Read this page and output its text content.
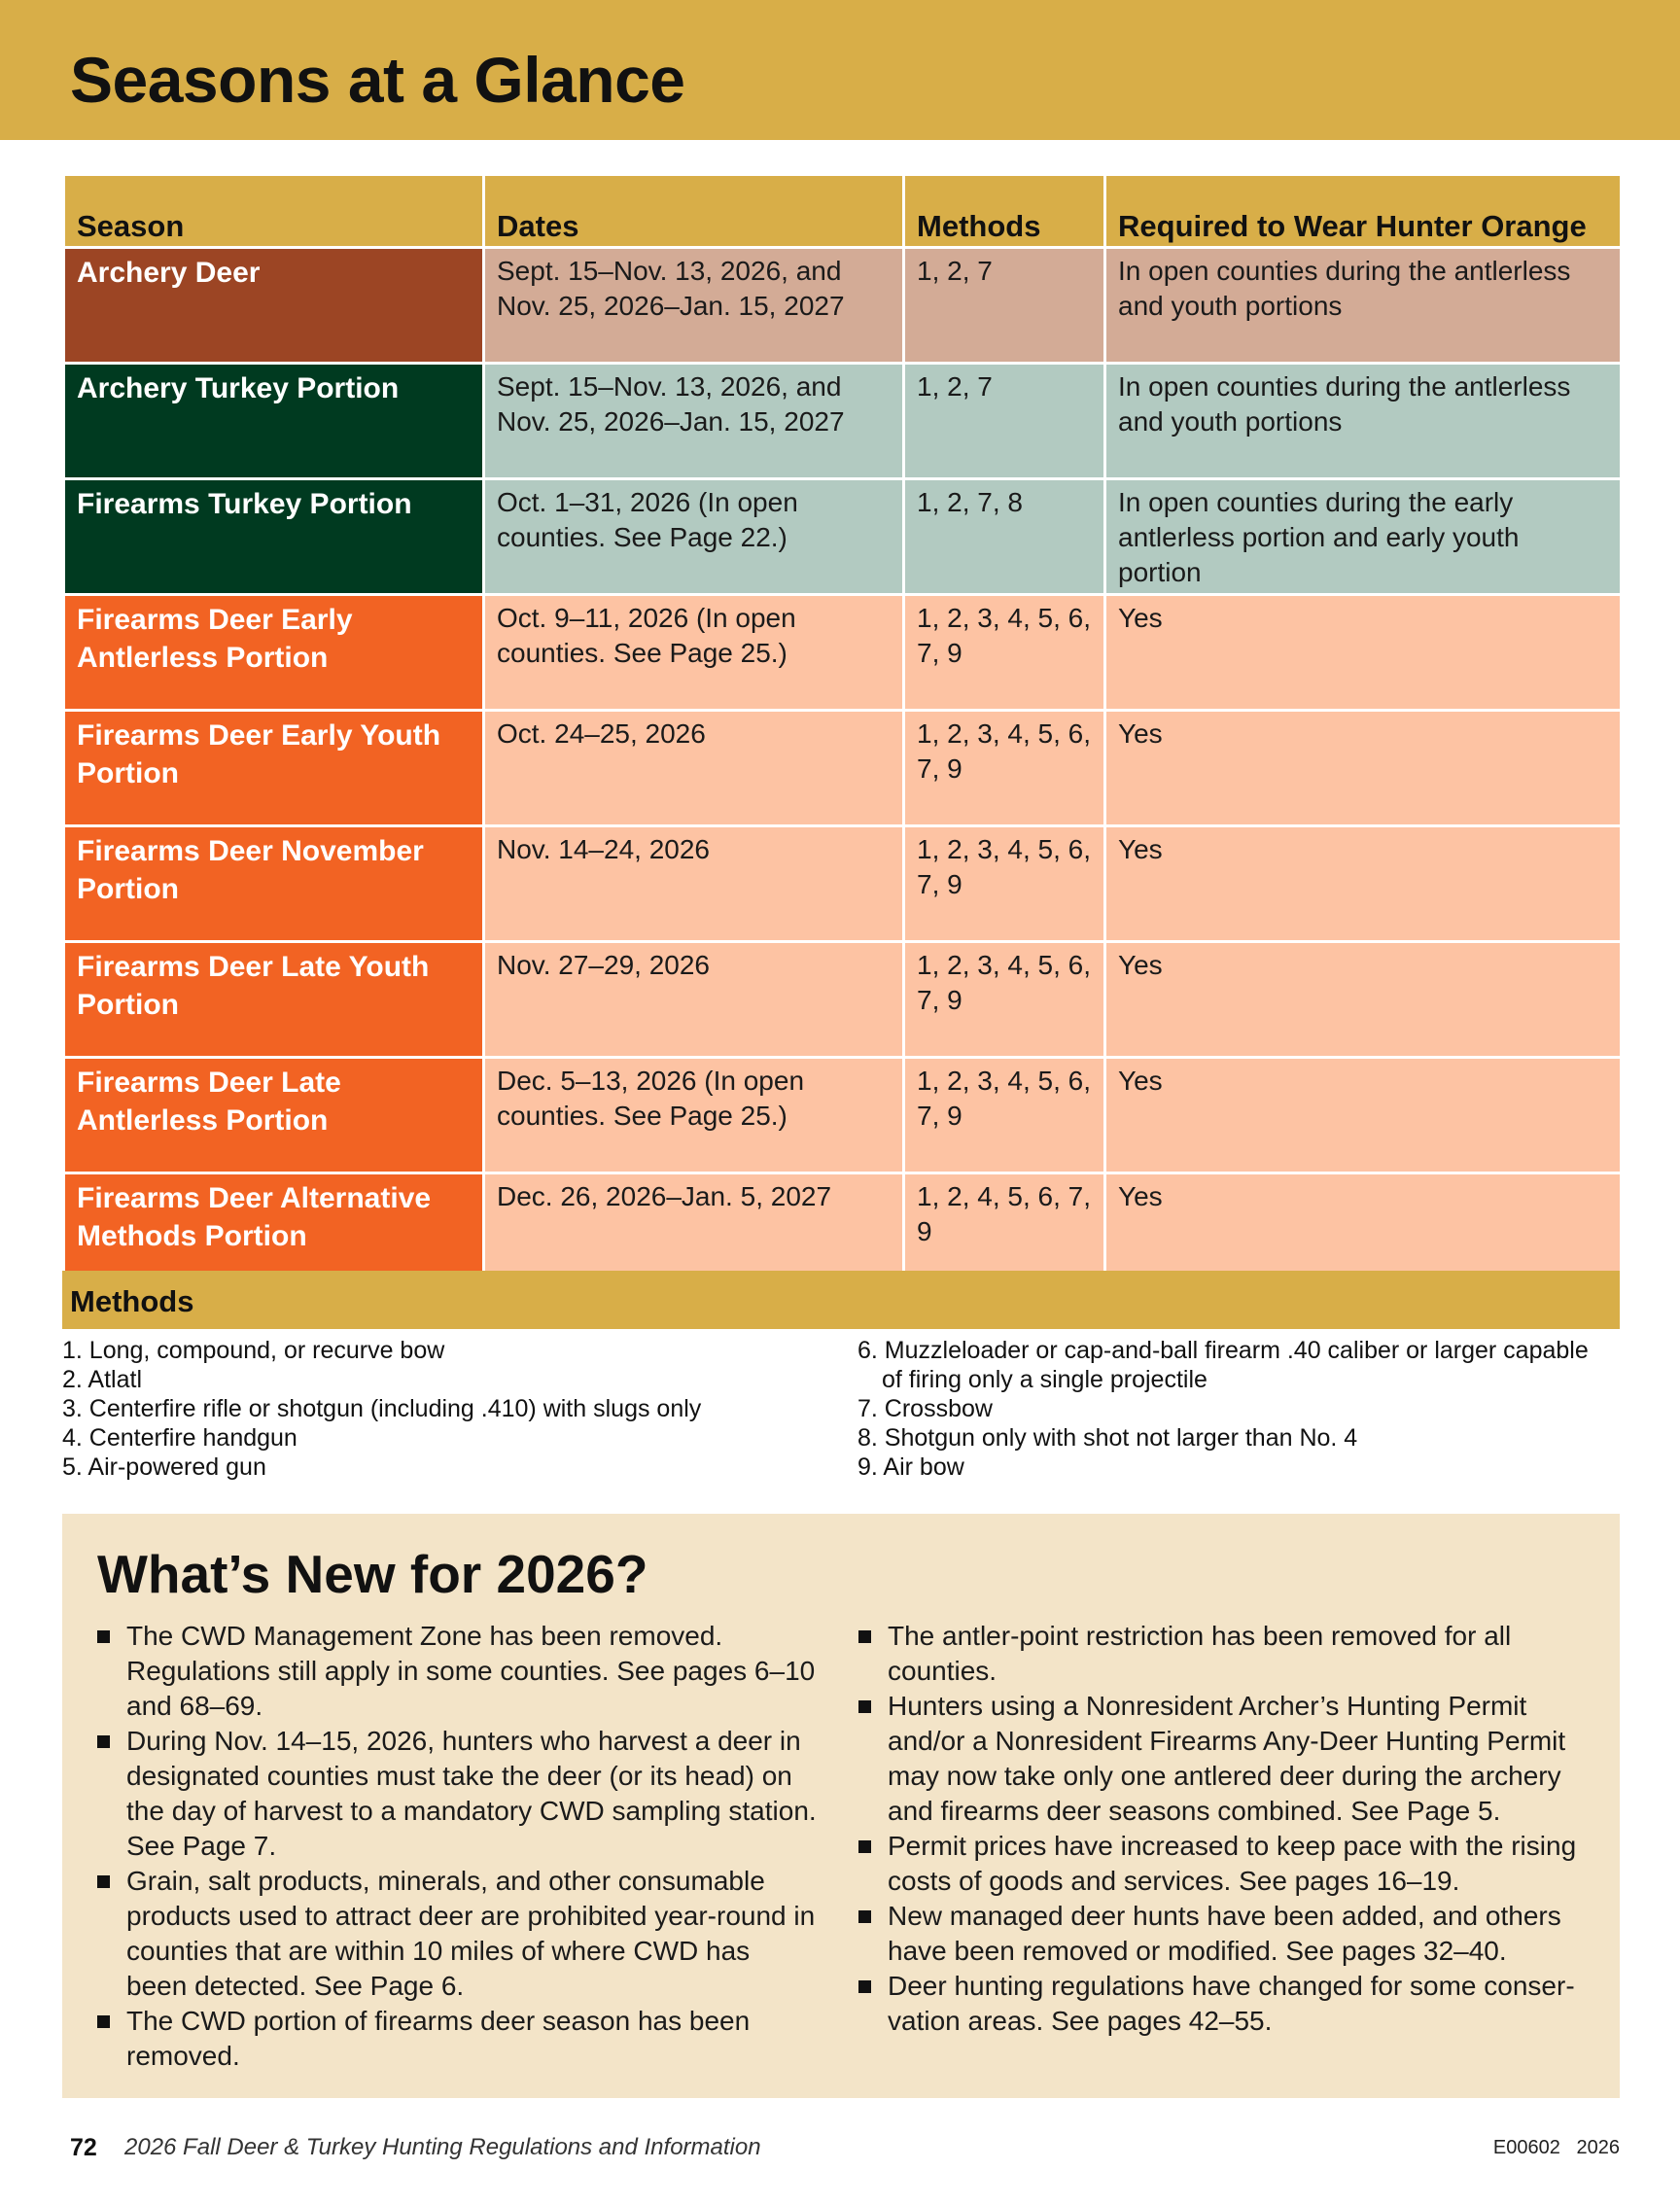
Seasons at a Glance
Season	Dates	Methods	Required to Wear Hunter Orange
Archery Deer	Sept. 15–Nov. 13, 2026, and Nov. 25, 2026–Jan. 15, 2027	1, 2, 7	In open counties during the antlerless and youth portions
Archery Turkey Portion	Sept. 15–Nov. 13, 2026, and Nov. 25, 2026–Jan. 15, 2027	1, 2, 7	In open counties during the antlerless and youth portions
Firearms Turkey Portion	Oct. 1–31, 2026 (In open counties. See Page 22.)	1, 2, 7, 8	In open counties during the early antlerless portion and early youth portion
Firearms Deer Early Antlerless Portion	Oct. 9–11, 2026 (In open counties. See Page 25.)	1, 2, 3, 4, 5, 6, 7, 9	Yes
Firearms Deer Early Youth Portion	Oct. 24–25, 2026	1, 2, 3, 4, 5, 6, 7, 9	Yes
Firearms Deer November Portion	Nov. 14–24, 2026	1, 2, 3, 4, 5, 6, 7, 9	Yes
Firearms Deer Late Youth Portion	Nov. 27–29, 2026	1, 2, 3, 4, 5, 6, 7, 9	Yes
Firearms Deer Late Antlerless Portion	Dec. 5–13, 2026 (In open counties. See Page 25.)	1, 2, 3, 4, 5, 6, 7, 9	Yes
Firearms Deer Alternative Methods Portion	Dec. 26, 2026–Jan. 5, 2027	1, 2, 4, 5, 6, 7, 9	Yes
Methods
1. Long, compound, or recurve bow
2. Atlatl
3. Centerfire rifle or shotgun (including .410) with slugs only
4. Centerfire handgun
5. Air-powered gun
6. Muzzleloader or cap-and-ball firearm .40 caliber or larger capable of firing only a single projectile
7. Crossbow
8. Shotgun only with shot not larger than No. 4
9. Air bow
What’s New for 2026?
The CWD Management Zone has been removed. Regulations still apply in some counties. See pages 6–10 and 68–69.
During Nov. 14–15, 2026, hunters who harvest a deer in designated counties must take the deer (or its head) on the day of harvest to a mandatory CWD sampling station. See Page 7.
Grain, salt products, minerals, and other consumable products used to attract deer are prohibited year-round in counties that are within 10 miles of where CWD has been detected. See Page 6.
The CWD portion of firearms deer season has been removed.
The antler-point restriction has been removed for all counties.
Hunters using a Nonresident Archer’s Hunting Permit and/or a Nonresident Firearms Any-Deer Hunting Permit may now take only one antlered deer during the archery and firearms deer seasons combined. See Page 5.
Permit prices have increased to keep pace with the rising costs of goods and services. See pages 16–19.
New managed deer hunts have been added, and others have been removed or modified. See pages 32–40.
Deer hunting regulations have changed for some conser-vation areas. See pages 42–55.
72 2026 Fall Deer & Turkey Hunting Regulations and Information	E00602   2026
